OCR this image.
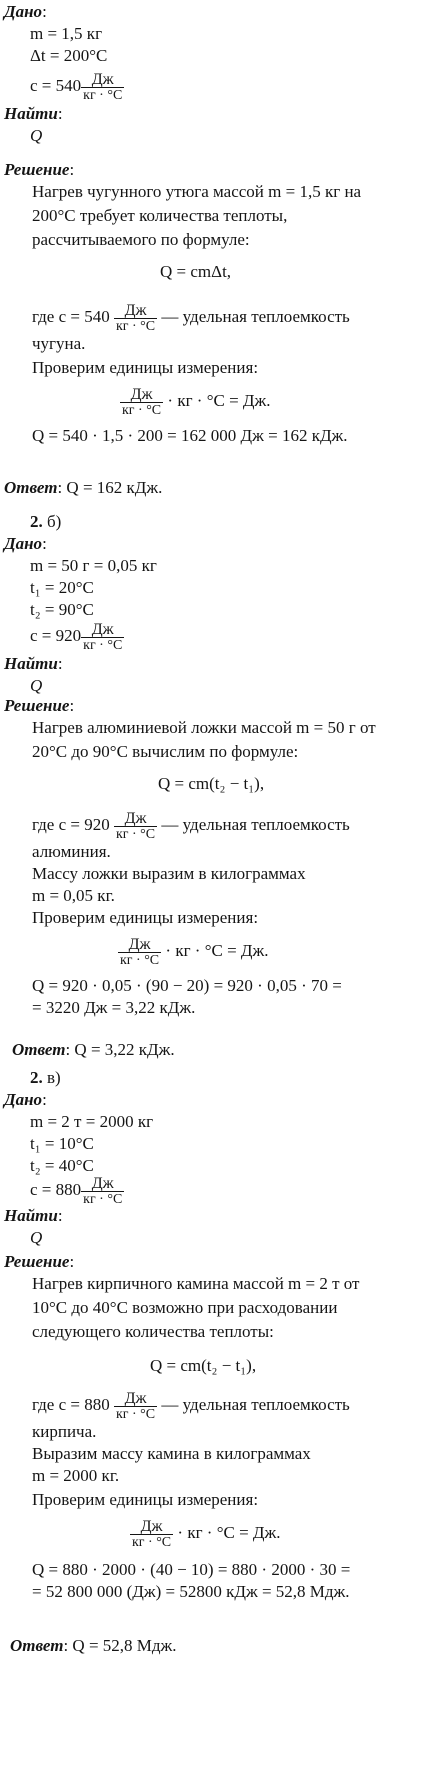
Дано:
m = 1,5 кг
Δt = 200°C
$c = 540 \frac{Дж}{кг \cdot ^\circ C}$
Найти:
Q
Решение:
Нагрев чугунного утюга массой m = 1,5 кг на
200°C требует количества теплоты,
рассчитываемого по формуле:
Q = cmΔt,
где $c = 540 \frac{Дж}{кг \cdot ^\circ C}$ — удельная теплоемкость
чугуна.
Проверим единицы измерения:
$\frac{Дж}{кг \cdot ^\circ C}$ · кг · °C = Дж.
Q = 540 · 1,5 · 200 = 162 000 Дж = 162 кДж.
Ответ: Q = 162 кДж.
2. б)
Дано:
m = 50 г = 0,05 кг
t₁ = 20°C
t₂ = 90°C
$c = 920 \frac{Дж}{кг \cdot ^\circ C}$
Найти:
Q
Решение:
Нагрев алюминиевой ложки массой m = 50 г от
20°C до 90°C вычислим по формуле:
Q = cm(t₂ − t₁),
где $c = 920 \frac{Дж}{кг \cdot ^\circ C}$ — удельная теплоемкость
алюминия.
Массу ложки выразим в килограммах
m = 0,05 кг.
Проверим единицы измерения:
$\frac{Дж}{кг \cdot ^\circ C}$ · кг · °C = Дж.
Q = 920 · 0,05 · (90 − 20) = 920 · 0,05 · 70 =
= 3220 Дж = 3,22 кДж.
Ответ: Q = 3,22 кДж.
2. в)
Дано:
m = 2 т = 2000 кг
t₁ = 10°C
t₂ = 40°C
$c = 880 \frac{Дж}{кг \cdot ^\circ C}$
Найти:
Q
Решение:
Нагрев кирпичного камина массой m = 2 т от
10°C до 40°C возможно при расходовании
следующего количества теплоты:
Q = cm(t₂ − t₁),
где $c = 880 \frac{Дж}{кг \cdot ^\circ C}$ — удельная теплоемкость
кирпича.
Выразим массу камина в килограммах
m = 2000 кг.
Проверим единицы измерения:
$\frac{Дж}{кг \cdot ^\circ C}$ · кг · °C = Дж.
Q = 880 · 2000 · (40 − 10) = 880 · 2000 · 30 =
= 52 800 000 (Дж) = 52800 кДж = 52,8 Мдж.
Ответ: Q = 52,8 Мдж.
